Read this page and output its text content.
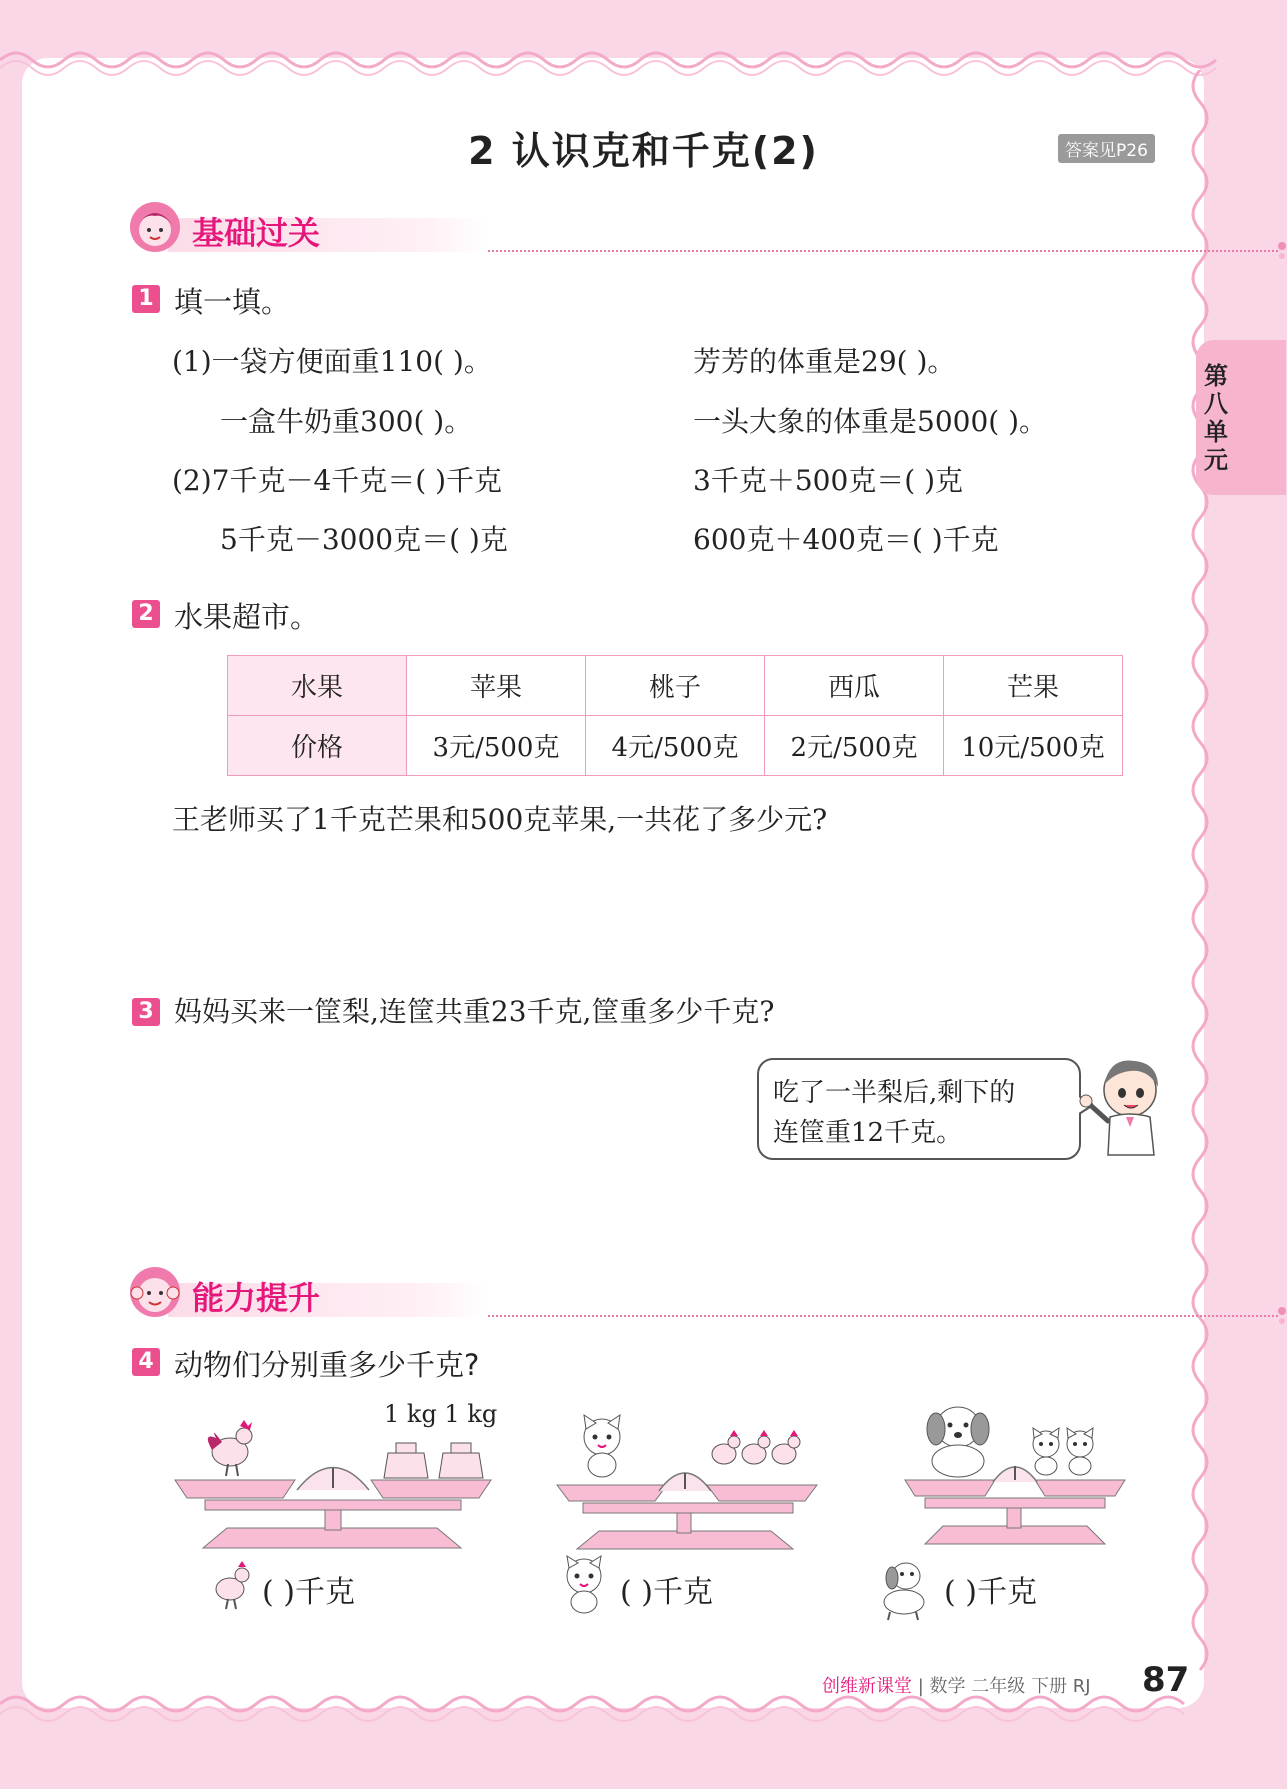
2 认识克和千克(2)	答案见P26
第八单元
基础过关
1 填一填。
(1)一袋方便面重110( )。	芳芳的体重是29( )。
一盒牛奶重300( )。	一头大象的体重是5000( )。
(2)7千克－4千克＝( )千克	3千克＋500克＝( )克
5千克－3000克＝( )克	600克＋400克＝( )千克
2 水果超市。
水果	苹果	桃子	西瓜	芒果
价格	3元/500克	4元/500克	2元/500克	10元/500克
王老师买了1千克芒果和500克苹果,一共花了多少元?
3 妈妈买来一筐梨,连筐共重23千克,筐重多少千克?
吃了一半梨后,剩下的
连筐重12千克。
能力提升
4 动物们分别重多少千克?
1 kg 1 kg
( )千克	( )千克	( )千克
创维新课堂 | 数学 二年级 下册 RJ 87
